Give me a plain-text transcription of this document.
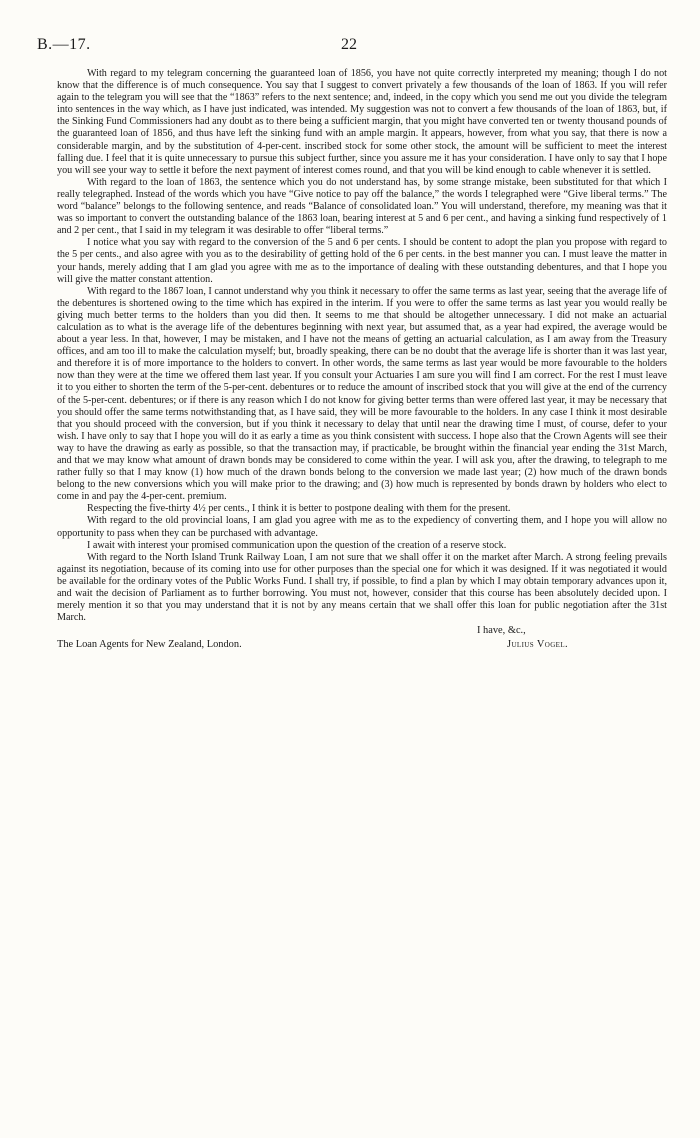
B.—17.	22

With regard to my telegram concerning the guaranteed loan of 1856, you have not quite correctly interpreted my meaning; though I do not know that the difference is of much consequence. You say that I suggest to convert privately a few thousands of the loan of 1863. If you will refer again to the telegram you will see that the “1863” refers to the next sentence; and, indeed, in the copy which you send me out you divide the telegram into sentences in the way which, as I have just indicated, was intended. My suggestion was not to convert a few thousands of the loan of 1863, but, if the Sinking Fund Commissioners had any doubt as to there being a sufficient margin, that you might have converted ten or twenty thousand pounds of the guaranteed loan of 1856, and thus have left the sinking fund with an ample margin. It appears, however, from what you say, that there is now a considerable margin, and by the substitution of 4-per-cent. inscribed stock for some other stock, the amount will be sufficient to meet the interest falling due. I feel that it is quite unnecessary to pursue this subject further, since you assure me it has your consideration. I have only to say that I hope you will see your way to settle it before the next payment of interest comes round, and that you will be kind enough to cable whenever it is settled.

With regard to the loan of 1863, the sentence which you do not understand has, by some strange mistake, been substituted for that which I really telegraphed. Instead of the words which you have “Give notice to pay off the balance,” the words I telegraphed were “Give liberal terms.” The word “balance” belongs to the following sentence, and reads “Balance of consolidated loan.” You will understand, therefore, my meaning was that it was so important to convert the outstanding balance of the 1863 loan, bearing interest at 5 and 6 per cent., and having a sinking fund respectively of 1 and 2 per cent., that I said in my telegram it was desirable to offer “liberal terms.”

I notice what you say with regard to the conversion of the 5 and 6 per cents. I should be content to adopt the plan you propose with regard to the 5 per cents., and also agree with you as to the desirability of getting hold of the 6 per cents. in the best manner you can. I must leave the matter in your hands, merely adding that I am glad you agree with me as to the importance of dealing with these outstanding debentures, and that I hope you will give the matter constant attention.

With regard to the 1867 loan, I cannot understand why you think it necessary to offer the same terms as last year, seeing that the average life of the debentures is shortened owing to the time which has expired in the interim. If you were to offer the same terms as last year you would really be giving much better terms to the holders than you did then. It seems to me that should be altogether unnecessary. I did not make an actuarial calculation as to what is the average life of the debentures beginning with next year, but assumed that, as a year had expired, the average would be about a year less. In that, however, I may be mistaken, and I have not the means of getting an actuarial calculation, as I am away from the Treasury offices, and am too ill to make the calculation myself; but, broadly speaking, there can be no doubt that the average life is shorter than it was last year, and therefore it is of more importance to the holders to convert. In other words, the same terms as last year would be more favourable to the holders now than they were at the time we offered them last year. If you consult your Actuaries I am sure you will find I am correct. For the rest I must leave it to you either to shorten the term of the 5-per-cent. debentures or to reduce the amount of inscribed stock that you will give at the end of the currency of the 5-per-cent. debentures; or if there is any reason which I do not know for giving better terms than were offered last year, it may be necessary that you should offer the same terms notwithstanding that, as I have said, they will be more favourable to the holders. In any case I think it most desirable that you should proceed with the conversion, but if you think it necessary to delay that until near the drawing time I must, of course, defer to your wish. I have only to say that I hope you will do it as early a time as you think consistent with success. I hope also that the Crown Agents will see their way to have the drawing as early as possible, so that the transaction may, if practicable, be brought within the financial year ending the 31st March, and that we may know what amount of drawn bonds may be considered to come within the year. I will ask you, after the drawing, to telegraph to me rather fully so that I may know (1) how much of the drawn bonds belong to the conversion we made last year; (2) how much of the drawn bonds belong to the new conversions which you will make prior to the drawing; and (3) how much is represented by bonds drawn by holders who elect to come in and pay the 4-per-cent. premium.

Respecting the five-thirty 4½ per cents., I think it is better to postpone dealing with them for the present.

With regard to the old provincial loans, I am glad you agree with me as to the expediency of converting them, and I hope you will allow no opportunity to pass when they can be purchased with advantage.

I await with interest your promised communication upon the question of the creation of a reserve stock.

With regard to the North Island Trunk Railway Loan, I am not sure that we shall offer it on the market after March. A strong feeling prevails against its negotiation, because of its coming into use for other purposes than the special one for which it was designed. If it was negotiated it would be available for the ordinary votes of the Public Works Fund. I shall try, if possible, to find a plan by which I may obtain temporary advances upon it, and wait the decision of Parliament as to further borrowing. You must not, however, consider that this course has been absolutely decided upon. I merely mention it so that you may understand that it is not by any means certain that we shall offer this loan for public negotiation after the 31st March.

I have, &c.,
The Loan Agents for New Zealand, London.	Julius Vogel.
